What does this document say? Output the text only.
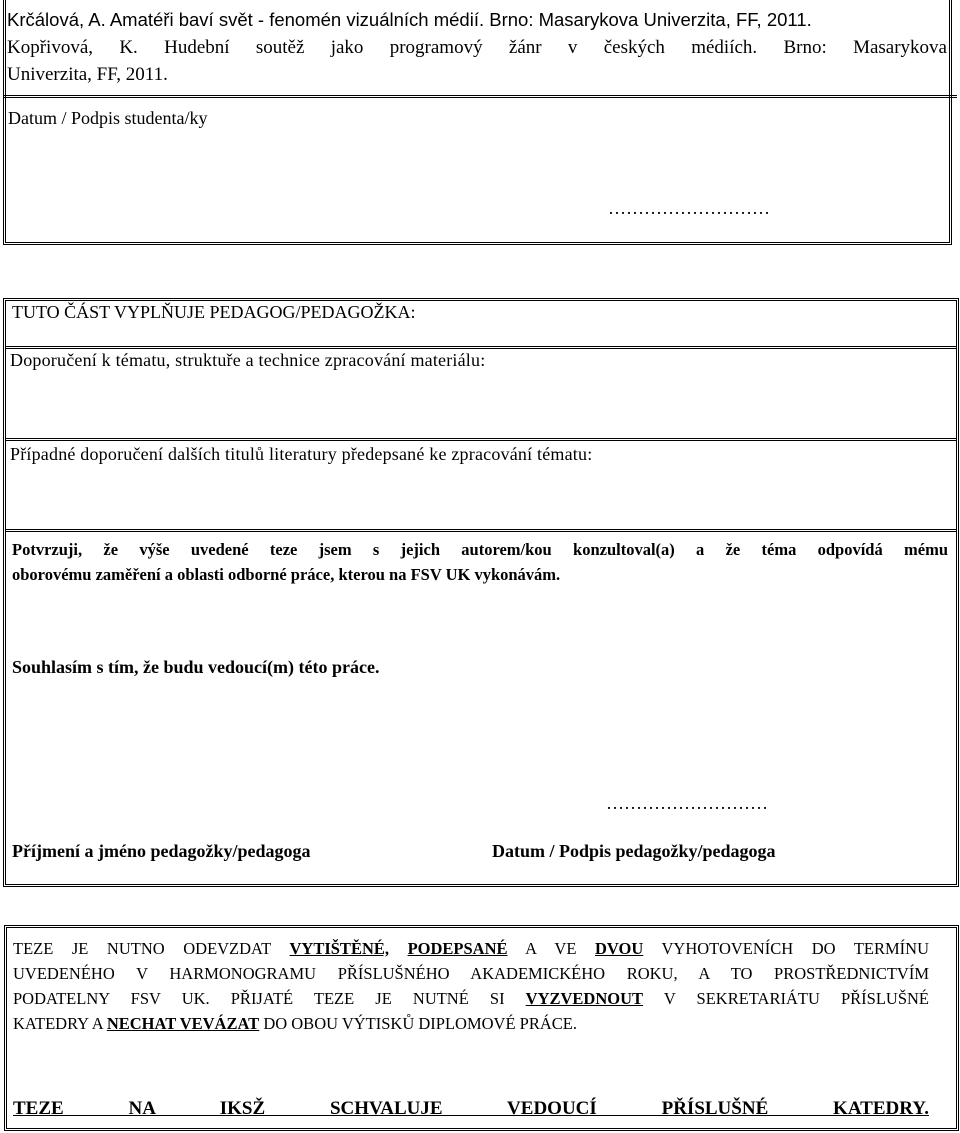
Krčálová, A. Amatéři baví svět - fenomén vizuálních médií. Brno: Masarykova Univerzita, FF, 2011.
Kopřivová, K. Hudební soutěž jako programový žánr v českých médiích. Brno: Masarykova
Univerzita, FF, 2011.
Datum / Podpis studenta/ky
………………………
TUTO ČÁST VYPLŇUJE PEDAGOG/PEDAGOŽKA:
Doporučení k tématu, struktuře a technice zpracování materiálu:
Případné doporučení dalších titulů literatury předepsané ke zpracování tématu:
Potvrzuji, že výše uvedené teze jsem s jejich autorem/kou konzultoval(a) a že téma odpovídá mému
oborovému zaměření a oblasti odborné práce, kterou na FSV UK vykonávám.
Souhlasím s tím, že budu vedoucí(m) této práce.
………………………
Příjmení a jméno pedagožky/pedagoga	Datum / Podpis pedagožky/pedagoga
TEZE JE NUTNO ODEVZDAT VYTIŠTĚNÉ, PODEPSANÉ A VE DVOU VYHOTOVENÍCH DO TERMÍNU
UVEDENÉHO V HARMONOGRAMU PŘÍSLUŠNÉHO AKADEMICKÉHO ROKU, A TO PROSTŘEDNICTVÍM
PODATELNY FSV UK. PŘIJATÉ TEZE JE NUTNÉ SI VYZVEDNOUT V SEKRETARIÁTU PŘÍSLUŠNÉ
KATEDRY A NECHAT VEVÁZAT DO OBOU VÝTISKŮ DIPLOMOVÉ PRÁCE.
TEZE NA IKSŽ SCHVALUJE VEDOUCÍ PŘÍSLUŠNÉ KATEDRY.
